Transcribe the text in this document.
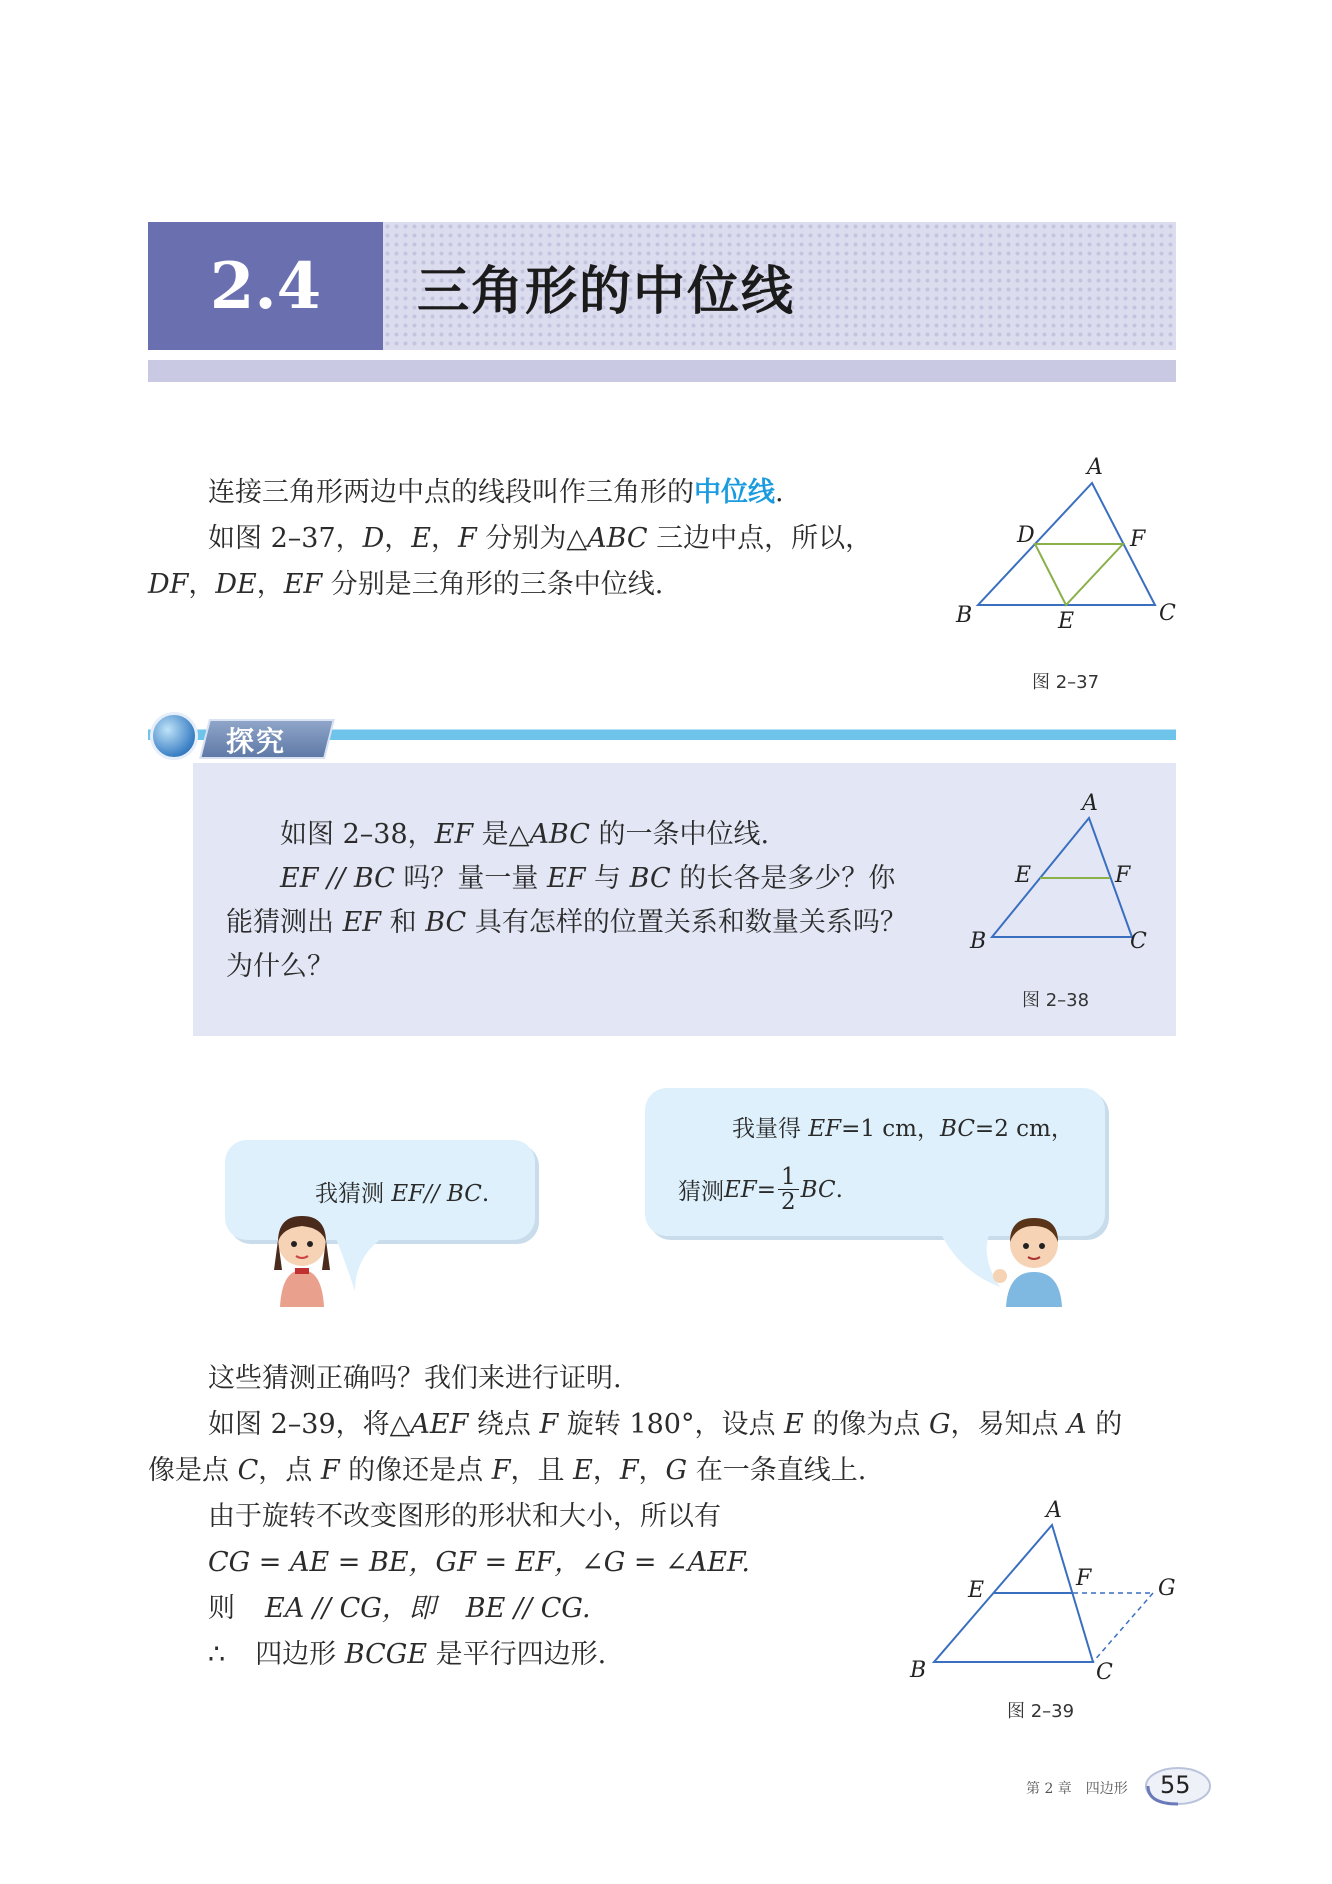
2.4 三角形的中位线
连接三角形两边中点的线段叫作三角形的中位线.
如图 2–37，D，E，F 分别为△ABC 三边中点，所以，
DF，DE，EF 分别是三角形的三条中位线.
A
B	C
D
E
F
图 2–37
探究
如图 2–38，EF 是△ABC 的一条中位线.
EF // BC 吗？量一量 EF 与 BC 的长各是多少？你
能猜测出 EF 和 BC 具有怎样的位置关系和数量关系吗？
为什么？
A
B	C
E	F
图 2–38
我猜测 EF// BC.
我量得 EF=1 cm，BC=2 cm，
猜测 EF = $\frac{1}{2}$ BC .
这些猜测正确吗？我们来进行证明.
如图 2–39，将△AEF 绕点 F 旋转 180°，设点 E 的像为点 G，易知点 A 的
像是点 C，点 F 的像还是点 F，且 E，F，G 在一条直线上.
由于旋转不改变图形的形状和大小，所以有
CG = AE = BE，GF = EF，∠G = ∠AEF.
则 EA // CG，即 BE // CG.
∴ 四边形 BCGE 是平行四边形.
A
B	C
E	F	G
图 2–39
第 2 章　四边形 55
